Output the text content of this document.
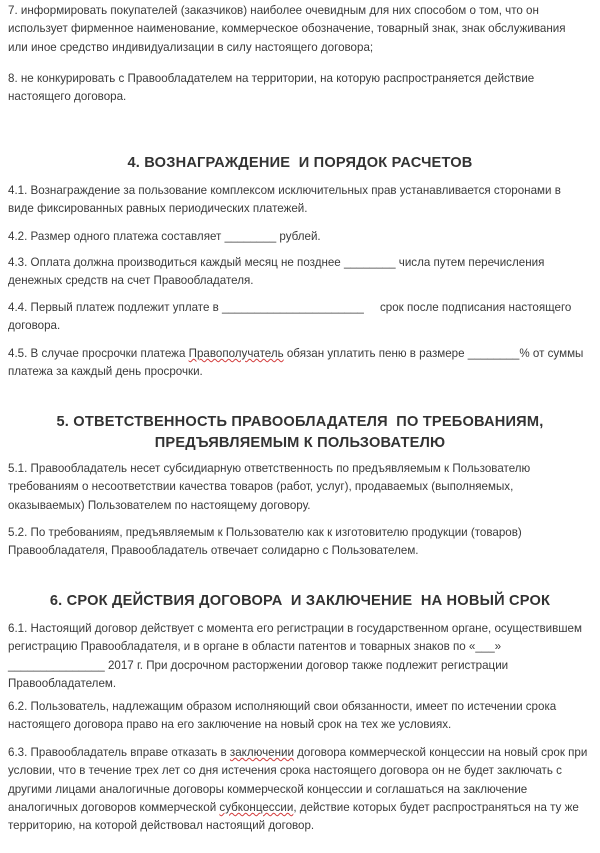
7. информировать покупателей (заказчиков) наиболее очевидным для них способом о том, что он использует фирменное наименование, коммерческое обозначение, товарный знак, знак обслуживания или иное средство индивидуализации в силу настоящего договора;
8. не конкурировать с Правообладателем на территории, на которую распространяется действие настоящего договора.
4. ВОЗНАГРАЖДЕНИЕ  И ПОРЯДОК РАСЧЕТОВ
4.1. Вознаграждение за пользование комплексом исключительных прав устанавливается сторонами в виде фиксированных равных периодических платежей.
4.2. Размер одного платежа составляет ________ рублей.
4.3. Оплата должна производиться каждый месяц не позднее ________ числа путем перечисления денежных средств на счет Правообладателя.
4.4. Первый платеж подлежит уплате в ______________________     срок после подписания настоящего договора.
4.5. В случае просрочки платежа Правополучатель обязан уплатить пеню в размере ________% от суммы платежа за каждый день просрочки.
5. ОТВЕТСТВЕННОСТЬ ПРАВООБЛАДАТЕЛЯ  ПО ТРЕБОВАНИЯМ,
ПРЕДЪЯВЛЯЕМЫМ К ПОЛЬЗОВАТЕЛЮ
5.1. Правообладатель несет субсидиарную ответственность по предъявляемым к Пользователю требованиям о несоответствии качества товаров (работ, услуг), продаваемых (выполняемых, оказываемых) Пользователем по настоящему договору.
5.2. По требованиям, предъявляемым к Пользователю как к изготовителю продукции (товаров) Правообладателя, Правообладатель отвечает солидарно с Пользователем.
6. СРОК ДЕЙСТВИЯ ДОГОВОРА  И ЗАКЛЮЧЕНИЕ  НА НОВЫЙ СРОК
6.1. Настоящий договор действует с момента его регистрации в государственном органе, осуществившем регистрацию Правообладателя, и в органе в области патентов и товарных знаков по «___» _______________ 2017 г. При досрочном расторжении договор также подлежит регистрации Правообладателем.
6.2. Пользователь, надлежащим образом исполняющий свои обязанности, имеет по истечении срока настоящего договора право на его заключение на новый срок на тех же условиях.
6.3. Правообладатель вправе отказать в заключении договора коммерческой концессии на новый срок при условии, что в течение трех лет со дня истечения срока настоящего договора он не будет заключать с другими лицами аналогичные договоры коммерческой концессии и соглашаться на заключение аналогичных договоров коммерческой субконцессии, действие которых будет распространяться на ту же территорию, на которой действовал настоящий договор.
